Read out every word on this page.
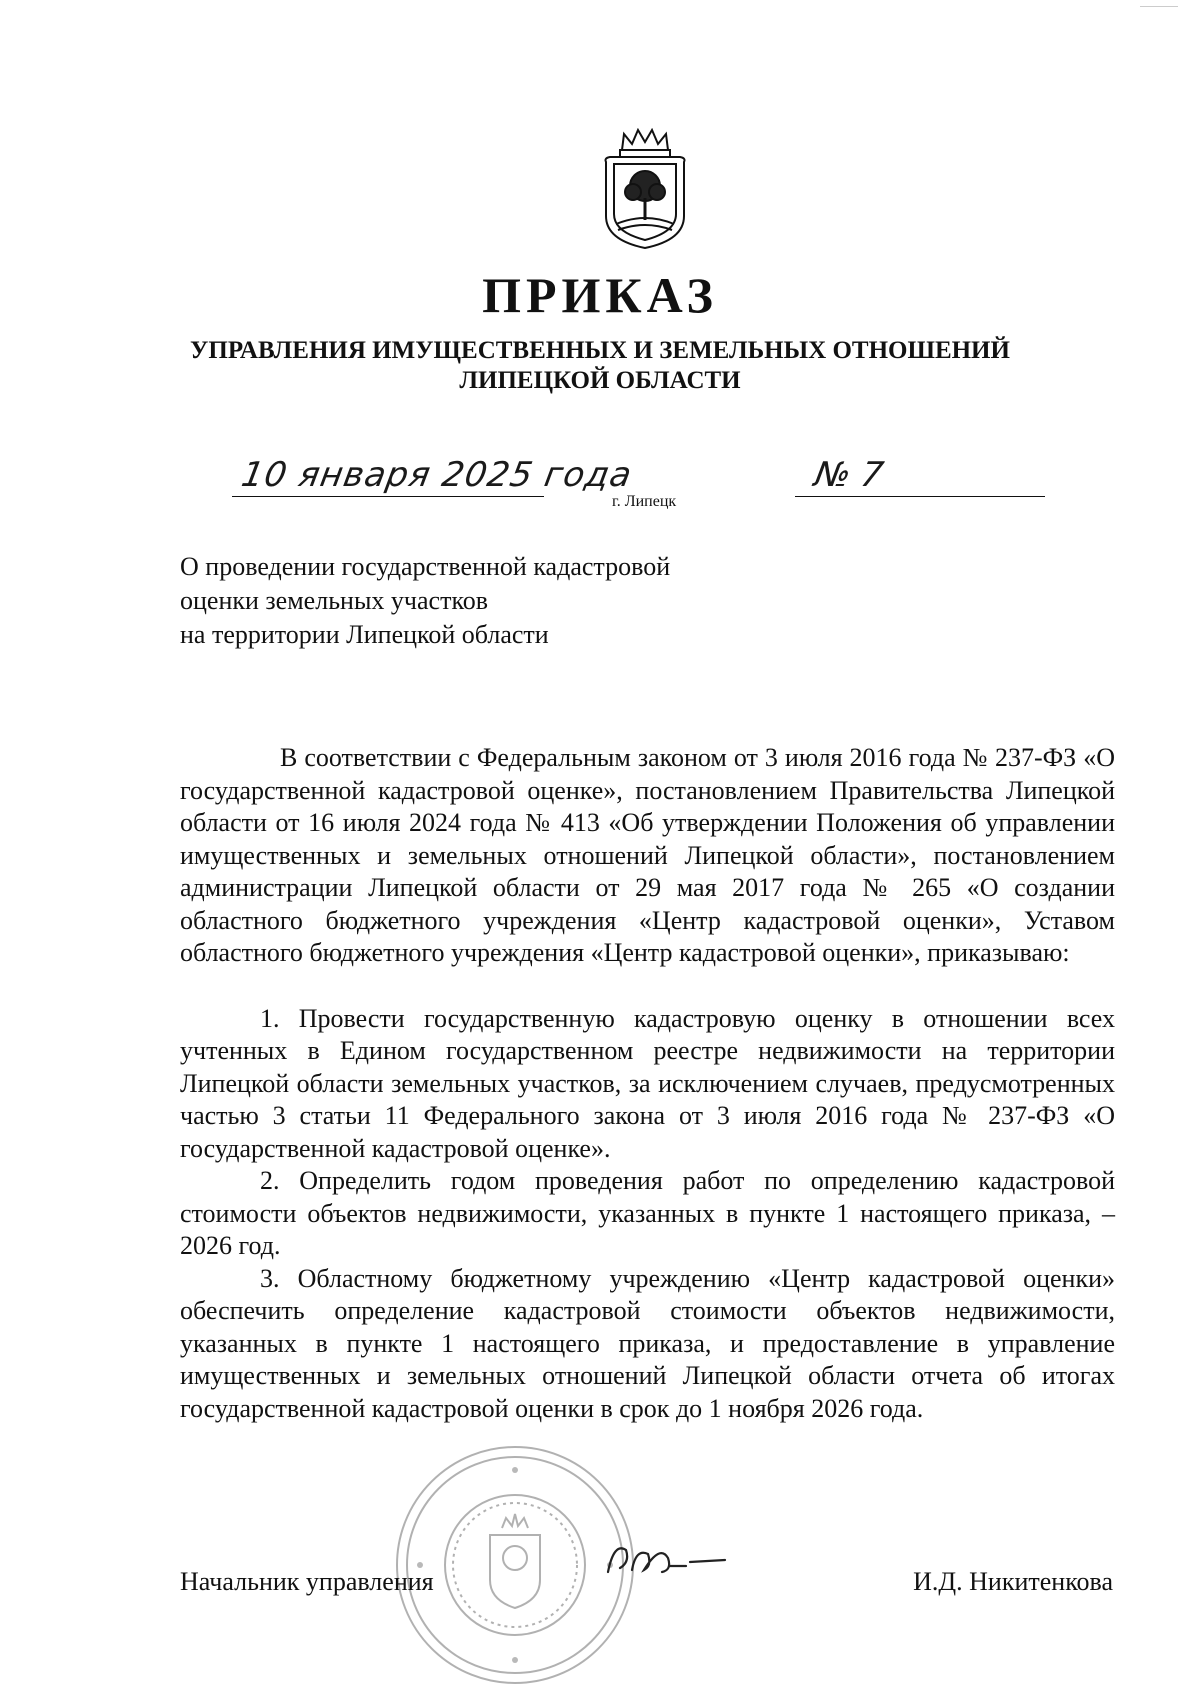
ПРИКАЗ
УПРАВЛЕНИЯ ИМУЩЕСТВЕННЫХ И ЗЕМЕЛЬНЫХ ОТНОШЕНИЙ
ЛИПЕЦКОЙ ОБЛАСТИ
10 января 2025 года
г. Липецк
№ 7
О проведении государственной кадастровой
оценки земельных участков
на территории Липецкой области

В соответствии с Федеральным законом от 3 июля 2016 года № 237-ФЗ «О государственной кадастровой оценке», постановлением Правительства Липецкой области от 16 июля 2024 года № 413 «Об утверждении Положения об управлении имущественных и земельных отношений Липецкой области», постановлением администрации Липецкой области от 29 мая 2017 года № 265 «О создании областного бюджетного учреждения «Центр кадастровой оценки», Уставом областного бюджетного учреждения «Центр кадастровой оценки», приказываю:

1. Провести государственную кадастровую оценку в отношении всех учтенных в Едином государственном реестре недвижимости на территории Липецкой области земельных участков, за исключением случаев, предусмотренных частью 3 статьи 11 Федерального закона от 3 июля 2016 года № 237-ФЗ «О государственной кадастровой оценке».

2. Определить годом проведения работ по определению кадастровой стоимости объектов недвижимости, указанных в пункте 1 настоящего приказа, – 2026 год.

3. Областному бюджетному учреждению «Центр кадастровой оценки» обеспечить определение кадастровой стоимости объектов недвижимости, указанных в пункте 1 настоящего приказа, и предоставление в управление имущественных и земельных отношений Липецкой области отчета об итогах государственной кадастровой оценки в срок до 1 ноября 2026 года.

Начальник управления	И.Д. Никитенкова
